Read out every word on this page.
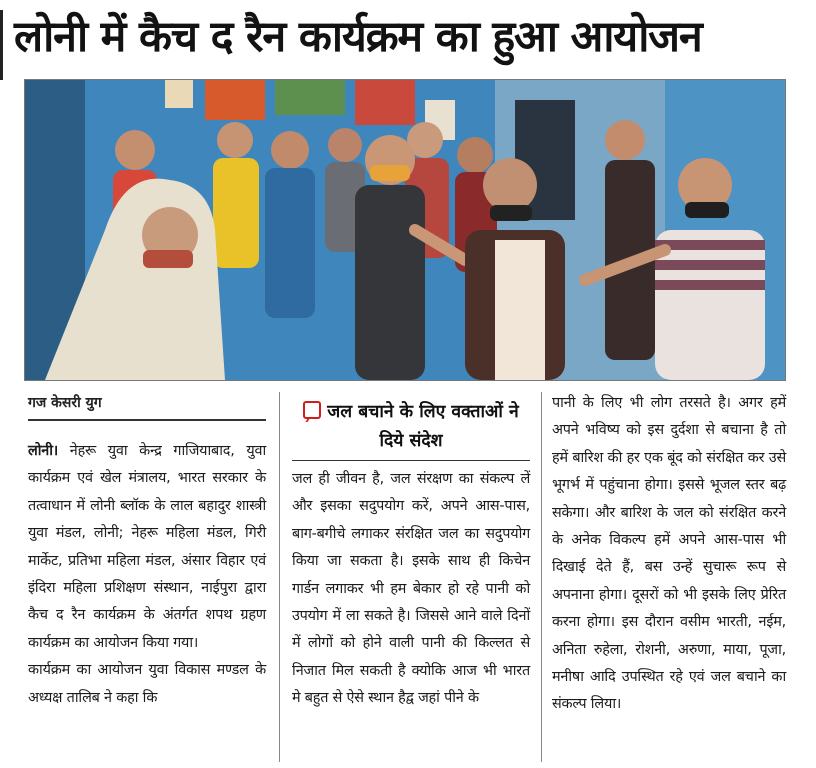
लोनी में कैच द रैन कार्यक्रम का हुआ आयोजन
गज केसरी युग	जल बचाने के लिए वक्ताओं ने दिये संदेश

लोनी। नेहरू युवा केन्द्र गाजियाबाद, युवा कार्यक्रम एवं खेल मंत्रालय, भारत सरकार के तत्वाधान में लोनी ब्लॉक के लाल बहादुर शास्त्री युवा मंडल, लोनी; नेहरू महिला मंडल, गिरी मार्केट, प्रतिभा महिला मंडल, अंसार विहार एवं इंदिरा महिला प्रशिक्षण संस्थान, नाईपुरा द्वारा कैच द रैन कार्यक्रम के अंतर्गत शपथ ग्रहण कार्यक्रम का आयोजन किया गया।

कार्यक्रम का आयोजन युवा विकास मण्डल के अध्यक्ष तालिब ने कहा कि

जल ही जीवन है, जल संरक्षण का संकल्प लें और इसका सदुपयोग करें, अपने आस-पास, बाग-बगीचे लगाकर संरक्षित जल का सदुपयोग किया जा सकता है। इसके साथ ही किचेन गार्डन लगाकर भी हम बेकार हो रहे पानी को उपयोग में ला सकते है। जिससे आने वाले दिनों में लोगों को होने वाली पानी की किल्लत से निजात मिल सकती है क्योकि आज भी भारत मे बहुत से ऐसे स्थान हैद्व जहां पीने के

पानी के लिए भी लोग तरसते है। अगर हमें अपने भविष्य को इस दुर्दशा से बचाना है तो हमें बारिश की हर एक बूंद को संरक्षित कर उसे भूगर्भ में पहुंचाना होगा। इससे भूजल स्तर बढ़ सकेगा। और बारिश के जल को संरक्षित करने के अनेक विकल्प हमें अपने आस-पास भी दिखाई देते हैं, बस उन्हें सुचारू रूप से अपनाना होगा। दूसरों को भी इसके लिए प्रेरित करना होगा। इस दौरान वसीम भारती, नईम, अनिता रुहेला, रोशनी, अरुणा, माया, पूजा, मनीषा आदि उपस्थित रहे एवं जल बचाने का संकल्प लिया।
